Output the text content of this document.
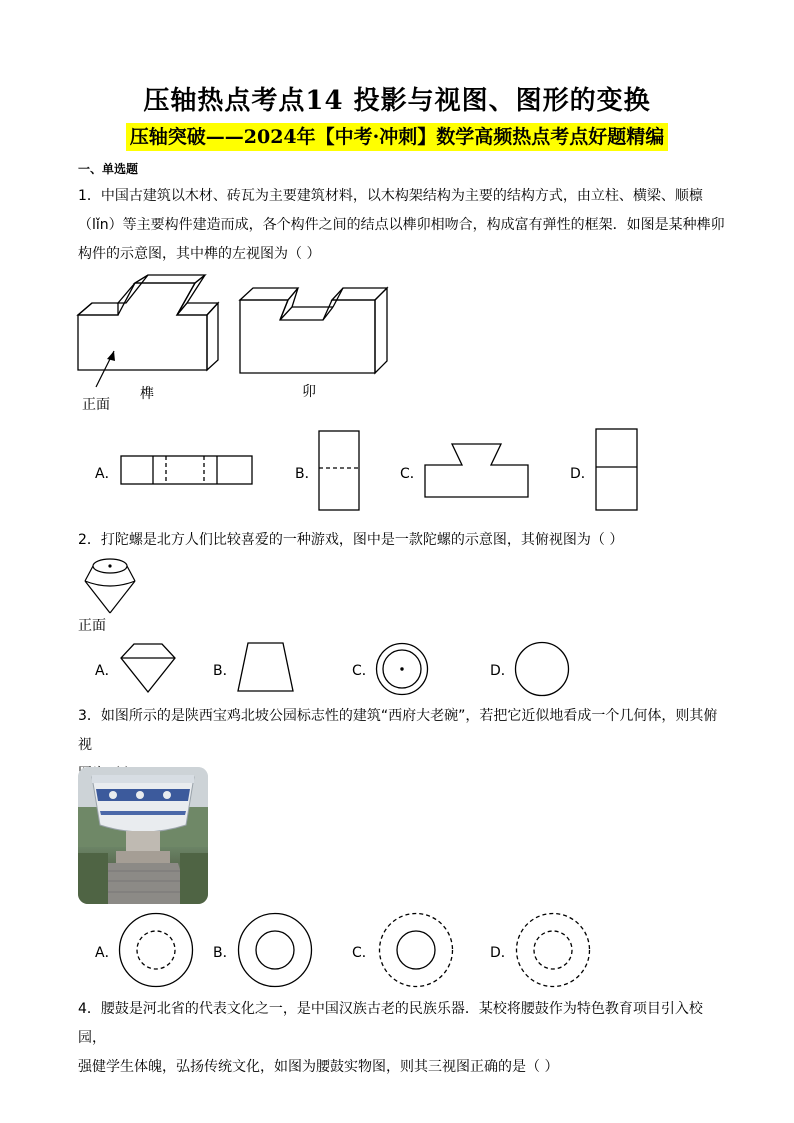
压轴热点考点14 投影与视图、图形的变换
压轴突破——2024年【中考·冲刺】数学高频热点考点好题精编
一、单选题
1．中国古建筑以木材、砖瓦为主要建筑材料，以木构架结构为主要的结构方式，由立柱、横梁、顺檩
（lǐn）等主要构件建造而成，各个构件之间的结点以榫卯相吻合，构成富有弹性的框架．如图是某种榫卯
构件的示意图，其中榫的左视图为（ ）
正面
榫	卯
A．	B．	C．	D．
2．打陀螺是北方人们比较喜爱的一种游戏，图中是一款陀螺的示意图，其俯视图为（ ）
正面
A．	B．	C．	D．
3．如图所示的是陕西宝鸡北坡公园标志性的建筑“西府大老碗”，若把它近似地看成一个几何体，则其俯视
A．	B．	C．	D．
4．腰鼓是河北省的代表文化之一，是中国汉族古老的民族乐器．某校将腰鼓作为特色教育项目引入校园，
强健学生体魄，弘扬传统文化，如图为腰鼓实物图，则其三视图正确的是（ ）
